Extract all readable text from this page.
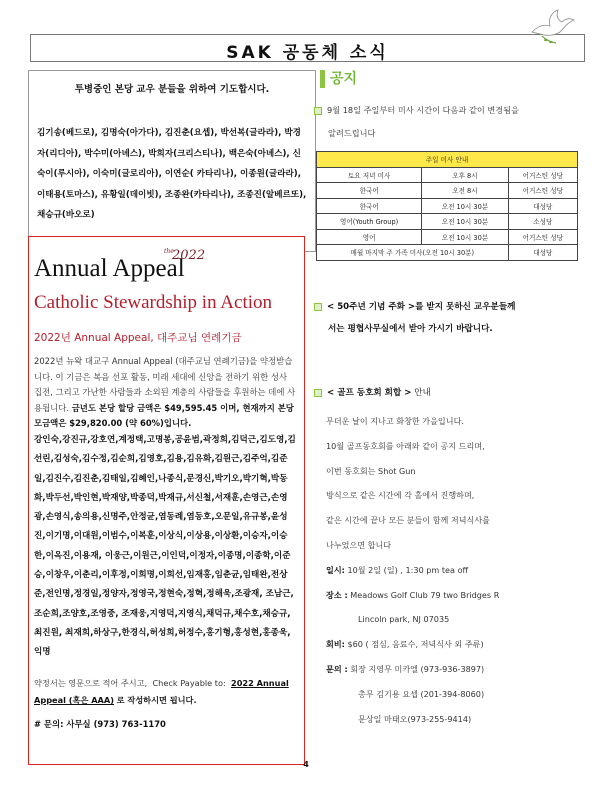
SAK 공동체 소식
투병중인 본당 교우 분들을 위하여 기도합시다.
김기송(베드로), 김명숙(아가다), 김진춘(요셉), 박선복(글라라), 박경자(리디아), 박수미(아녜스), 박희자(크리스티나), 백은숙(아녜스), 신숙이(루시아), 이숙미(글로리아), 이연순( 카타리나), 이종원(글라라),이태용(토마스), 유황일(데이빗), 조종완(카타리나), 조종진(알베르또), 채승규(바오로)
the
2022
Annual Appeal
Catholic Stewardship in Action
2022년 Annual Appeal, 대주교님 연례기금
2022년 뉴왁 대교구 Annual Appeal (대주교님 연례기금)을 약정받습니다. 이 기금은 복음 선포 활동, 미래 세대에 신앙을 전하기 위한 성사 집전, 그리고 가난한 사람들과 소외된 계층의 사람들을 후원하는 데에 사용됩니다. 금년도 본당 할당 금액은 $49,595.45 이며, 현재까지 본당 모금액은 $29,820.00 (약 60%)입니다.
강인숙,강진규,강호연,계정택,고명봉,공윤범,곽정희,김덕근,김도영,김선린,김성숙,김수정,김순희,김영호,김용,김유화,김원근,김주억,김준일,김진수,김진춘,김태일,김혜인,나종식,문경신,박기오,박기혁,박동화,박두선,박인현,박재양,박종덕,박재규,서신철,서재훈,손영근,손영광,손영식,송의용,신명주,안정균,염동례,염동호,오문일,유규봉,윤성진,이기명,이대원,이범수,이복훈,이상식,이상용,이상환,이승자,이승한,이옥진,이용재, 이웅근,이원근,이인덕,이정자,이종명,이종학,이준승,이창우,이춘리,이후정,이희명,이희선,임재홍,임춘균,임태완,전상준,전인명,정경일,정양자,정영국,정현숙,정혁,정해욱,조광재, 조남근,조순희,조양호,조영중, 조재웅,지영덕,지영식,채덕규,채수호,채승규,최진원, 최재희,하상구,한경식,허성희,허정수,홍기형,홍성현,홍종욱,익명
약정서는 영문으로 적어 주시고, Check Payable to: 2022 Annual Appeal (혹은 AAA) 로 작성하시면 됩니다.
# 문의: 사무실 (973) 763-1170
공지
9월 18일 주일부터 미사 시간이 다음과 같이 변경됨을
알려드립니다
주일 미사 안내		
토요 저녁 미사	오후 8시	어거스틴 성당
한국어	오전 8시	어거스틴 성당
한국어	오전 10시 30분	대성당
영어(Youth Group)	오전 10시 30분	소성당
영어	오전 10시 30분	어거스틴 성당
매월 마지막 주 가족 미사(오전 10시 30분)		대성당
< 50주년 기념 주화 >를 받지 못하신 교우분들께
서는 평협사무실에서 받아 가시기 바랍니다.
< 골프 동호회 회합 > 안내
무더운 날이 지나고 화창한 가을입니다.
10월 골프동호회를 아래와 같이 공지 드리며,
이번 동호회는 Shot Gun
방식으로 같은 시간에 각 홀에서 진행하며,
같은 시간에 끝나 모든 분들이 함께 저녁식사를
나누었으면 합니다
일시: 10월 2일 (일) , 1:30 pm tea off
장소 : Meadows Golf Club 79 two Bridges R
Lincoln park, NJ 07035
회비: $60 ( 점심, 음료수, 저녁식사 외 주류)
문의 : 회장 지영무 미카엘 (973-936-3897)
총무 김기용 요셉 (201-394-8060)
문상일 마태오(973-255-9414)
4
